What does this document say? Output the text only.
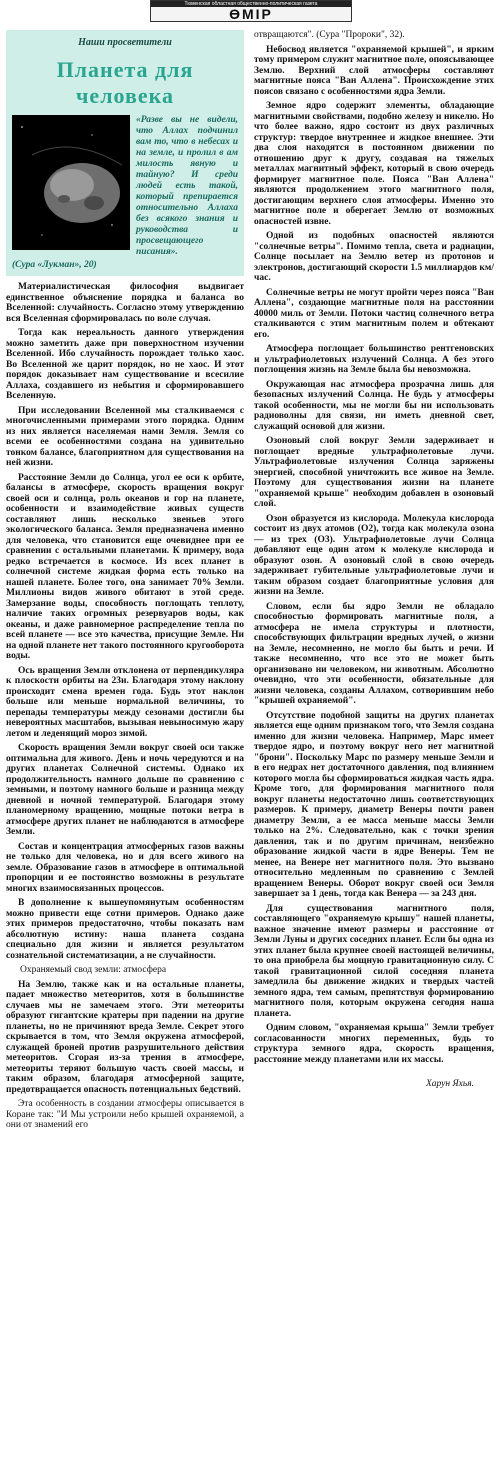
Тюменская областная общественно-политическая газета
ӨМІР
Наши просветители
Планета для человека
«Разве вы не видели, что Аллах подчинил вам то, что в небесах и на земле, и пролил в ам милость явную и тайную? И среди людей есть такой, который препирается относительно Аллаха без всякого знания и руководства и просвещающего писания».
(Сура «Лукман», 20)

Материалистическая философия выдвигает единственное объяснение порядка и баланса во Вселенной: случайность. Согласно этому утверждению вся Вселенная сформировалась по воле случая.

Тогда как нереальность данного утверждения можно заметить даже при поверхностном изучении Вселенной. Ибо случайность порождает только хаос. Во Вселенной же царит порядок, но не хаос. И этот порядок доказывает нам существование и всесилие Аллаха, создавшего из небытия и сформировавшего Вселенную.

При исследовании Вселенной мы сталкиваемся с многочисленными примерами этого порядка. Одним из них является населяемая нами Земля. Земля со всеми ее особенностями создана на удивительно тонком балансе, благоприятном для существования на ней жизни.

Расстояние Земли до Солнца, угол ее оси к орбите, балансы в атмосфере, скорость вращения вокруг своей оси и солнца, роль океанов и гор на планете, особенности и взаимодействие живых существ составляют лишь несколько звеньев этого экологического баланса. Земля предназначена именно для человека, что становится еще очевиднее при ее сравнении с остальными планетами. К примеру, вода редко встречается в космосе. Из всех планет в солнечной системе жидкая форма есть только на нашей планете. Более того, она занимает 70% Земли. Миллионы видов живого обитают в этой среде. Замерзание воды, способность поглощать теплоту, наличие таких огромных резервуаров воды, как океаны, и даже равномерное распределение тепла по всей планете — все это качества, присущие Земле. Ни на одной планете нет такого постоянного кругооборота воды.

Ось вращения Земли отклонена от перпендикуляра к плоскости орбиты на 23и. Благодаря этому наклону происходит смена времен года. Будь этот наклон больше или меньше нормальной величины, то перепады температуры между сезонами достигли бы невероятных масштабов, вызывая невыносимую жару летом и леденящий мороз зимой.

Скорость вращения Земли вокруг своей оси также оптимальна для живого. День и ночь чередуются и на других планетах Солнечной системы. Однако их продолжительность намного дольше по сравнению с земными, и поэтому намного больше и разница между дневной и ночной температурой. Благодаря этому планомерному вращению, мощные потоки ветра в атмосфере других планет не наблюдаются в атмосфере Земли.

Состав и концентрация атмосферных газов важны не только для человека, но и для всего живого на земле. Образование газов в атмосфере в оптимальной пропорции и ее постоянство возможны в результате многих взаимосвязанных процессов.

В дополнение к вышеупомянутым особенностям можно привести еще сотни примеров. Однако даже этих примеров предостаточно, чтобы показать нам абсолютную истину: наша планета создана специально для жизни и является результатом сознательной систематизации, а не случайности.

Охраняемый свод земли: атмосфера

На Землю, также как и на остальные планеты, падает множество метеоритов, хотя в большинстве случаев мы не замечаем этого. Эти метеориты образуют гигантские кратеры при падении на другие планеты, но не причиняют вреда Земле. Секрет этого скрывается в том, что Земля окружена атмосферой, служащей броней против разрушительного действия метеоритов. Сгорая из-за трения в атмосфере, метеориты теряют большую часть своей массы, и таким образом, благодаря атмосферной защите, предотвращается опасность потенциальных бедствий.

Эта особенность в создании атмосферы описывается в Коране так: "И Мы устроили небо крышей охраняемой, а они от знамений его

отвращаются". (Сура "Пророки", 32).

Небосвод является "охраняемой крышей", и ярким тому примером служит магнитное поле, опоясывающее Землю. Верхний слой атмосферы составляют магнитные пояса "Ван Аллена". Происхождение этих поясов связано с особенностями ядра Земли.

Земное ядро содержит элементы, обладающие магнитными свойствами, подобно железу и никелю. Но что более важно, ядро состоит из двух различных структур: твердое внутреннее и жидкое внешнее. Эти два слоя находятся в постоянном движении по отношению друг к другу, создавая на тяжелых металлах магнитный эффект, который в свою очередь формирует магнитное поле. Пояса "Ван Аллена" являются продолжением этого магнитного поля, достигающим верхнего слоя атмосферы. Именно это магнитное поле и оберегает Землю от возможных опасностей извне.

Одной из подобных опасностей являются "солнечные ветры". Помимо тепла, света и радиации, Солнце посылает на Землю ветер из протонов и электронов, достигающий скорости 1.5 миллиардов км/час.

Солнечные ветры не могут пройти через пояса "Ван Аллена", создающие магнитные поля на расстоянии 40000 миль от Земли. Потоки частиц солнечного ветра сталкиваются с этим магнитным полем и обтекают его.

Атмосфера поглощает большинство рентгеновских и ультрафиолетовых излучений Солнца. А без этого поглощения жизнь на Земле была бы невозможна.

Окружающая нас атмосфера прозрачна лишь для безопасных излучений Солнца. Не будь у атмосферы такой особенности, мы не могли бы ни использовать радиоволны для связи, ни иметь дневной свет, служащий основой для жизни.

Озоновый слой вокруг Земли задерживает и поглощает вредные ультрафиолетовые лучи. Ультрафиолетовые излучения Солнца заряжены энергией, способной уничтожить все живое на Земле. Поэтому для существования жизни на планете "охраняемой крыше" необходим добавлен в озоновый слой.

Озон образуется из кислорода. Молекула кислорода состоит из двух атомов (О2), тогда как молекула озона — из трех (О3). Ультрафиолетовые лучи Солнца добавляют еще один атом к молекуле кислорода и образуют озон. А озоновый слой в свою очередь задерживает губительные ультрафиолетовые лучи и таким образом создает благоприятные условия для жизни на Земле.

Словом, если бы ядро Земли не обладало способностью формировать магнитные поля, а атмосфера не имела структуры и плотности, способствующих фильтрации вредных лучей, о жизни на Земле, несомненно, не могло бы быть и речи. И также несомненно, что все это не может быть организовано ни человеком, ни животным. Абсолютно очевидно, что эти особенности, обязательные для жизни человека, созданы Аллахом, сотворившим небо "крышей охраняемой".

Отсутствие подобной защиты на других планетах является еще одним признаком того, что Земля создана именно для жизни человека. Например, Марс имеет твердое ядро, и поэтому вокруг него нет магнитной "брони". Поскольку Марс по размеру меньше Земли и в его недрах нет достаточного давления, под влиянием которого могла бы сформироваться жидкая часть ядра. Кроме того, для формирования магнитного поля вокруг планеты недостаточно лишь соответствующих размеров. К примеру, диаметр Венеры почти равен диаметру Земли, а ее масса меньше массы Земли только на 2%. Следовательно, как с точки зрения давления, так и по другим причинам, неизбежно образование жидкой части в ядре Венеры. Тем не менее, на Венере нет магнитного поля. Это вызвано относительно медленным по сравнению с Землей вращением Венеры. Оборот вокруг своей оси Земля завершает за 1 день, тогда как Венера — за 243 дня.

Для существования магнитного поля, составляющего "охраняемую крышу" нашей планеты, важное значение имеют размеры и расстояние от Земли Луны и других соседних планет. Если бы одна из этих планет была крупнее своей настоящей величины, то она приобрела бы мощную гравитационную силу. С такой гравитационной силой соседняя планета замедлила бы движение жидких и твердых частей земного ядра, тем самым, препятствуя формированию магнитного поля, которым окружена сегодня наша планета.

Одним словом, "охраняемая крыша" Земли требует согласованности многих переменных, будь то структура земного ядра, скорость вращения, расстояние между планетами или их массы.

Харун Яхья.
